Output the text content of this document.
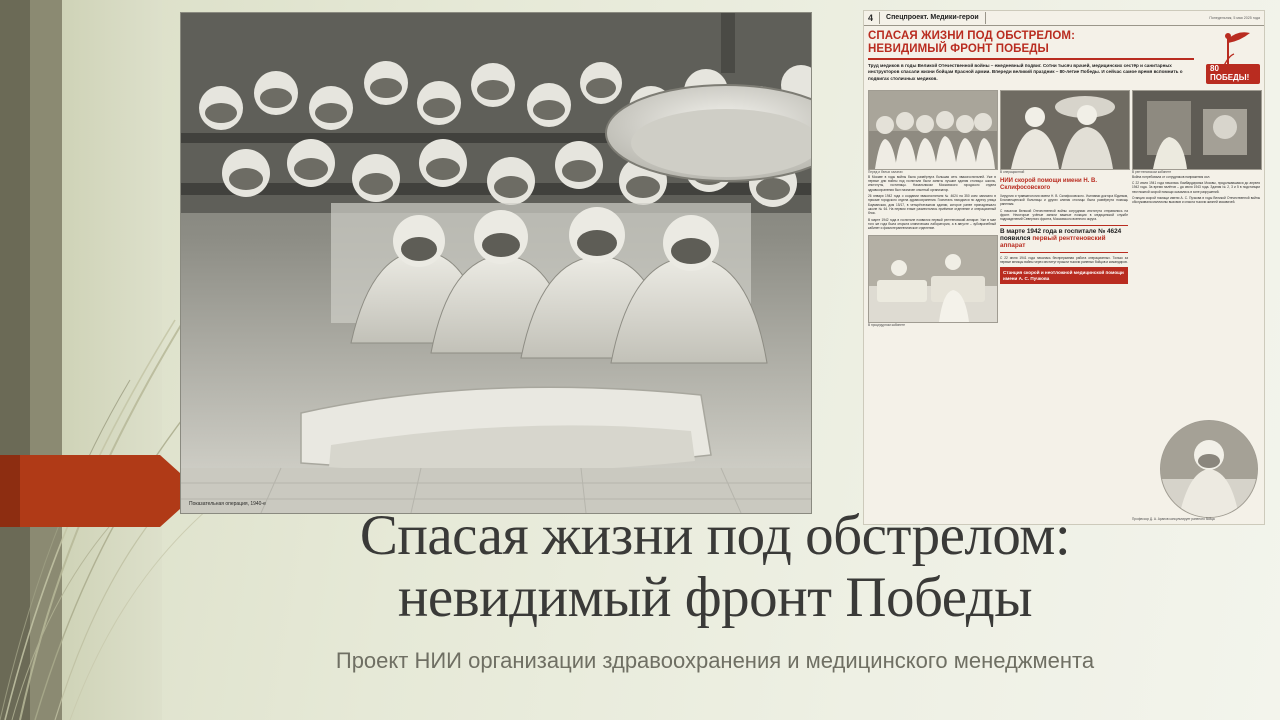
Показательная операция, 1940-е
4	Спецпроект. Медики-герои	Понедельник, 5 мая 2025 года
СПАСАЯ ЖИЗНИ ПОД ОБСТРЕЛОМ:
НЕВИДИМЫЙ ФРОНТ ПОБЕДЫ
Труд медиков в годы Великой Отечественной войны – ежедневный подвиг. Сотни тысяч врачей, медицинских сестёр и санитарных инструкторов спасали жизни бойцам Красной армии. Впереди великий праздник – 80-летие Победы. И сейчас самое время вспомнить о подвигах столичных медиков.
80 ПОБЕДЫ!
Перед и белых халатах
В Москве в годы войны была развёрнута большая сеть эвакогоспиталей. Уже в первые дни войны под госпитали были заняты лучшие здания столицы: школы, институты, гостиницы. Начальником Московского городского отдела здравоохранения был назначен опытный организатор.
26 января 1942 года о создании эвакогоспиталя № 4624 на 350 коек записано в приказе городского отдела здравоохранения. Госпиталь находился по адресу улица Бауманская, дом 15/17, в четырёхэтажном здании, которое ранее принадлежало школе № 64. На первом этаже разместились приёмное отделение и операционный блок.
В марте 1942 года в госпитале появился первый рентгеновский аппарат. Уже в мае того же года была открыта клиническая лаборатория, а в августе – зубоврачебный кабинет и физиотерапевтическое отделение.
В процедурном кабинете
В операционной
НИИ скорой помощи имени Н. В. Склифосовского
Хирургия и травматология имени Н. В. Склифосовского. Усилиями доктора Юдиным, Благовещенской больницы и других клиник столицы была развёрнута помощь раненым.
С началом Великой Отечественной войны сотрудники института отправились на фронт. Некоторые учёные заняли важные позиции в медицинской службе подразделений Северного фронта, Московского военного округа.
В марте 1942 года в госпитале № 4624 появился первый рентгеновский аппарат
С 22 июня 1941 года началась беспрерывная работа операционных. Только за первые месяцы войны через институт прошли тысячи раненых бойцов и командиров.
Станция скорой и неотложной медицинской помощи имени А. С. Пучкова
В рентгеновском кабинете
Война потребовала от сотрудников напряжения сил.
С 22 июля 1941 года началась бомбардировка Москвы, продолжавшаяся до апреля 1942 года. За время налётов – да июля 1943 года. Здания № 2, 3 и 5 в подстанции неотложной скорой помощи оказались в зоне разрушений.
Станция скорой помощи имени А. С. Пучкова в годы Великой Отечественной войны обслуживала миллионы вызовов и спасла тысячи жизней москвичей.
Профессор Д. А. Арапов консультирует раненого бойца
Спасая жизни под обстрелом:
невидимый фронт Победы
Проект НИИ организации здравоохранения и медицинского менеджмента
